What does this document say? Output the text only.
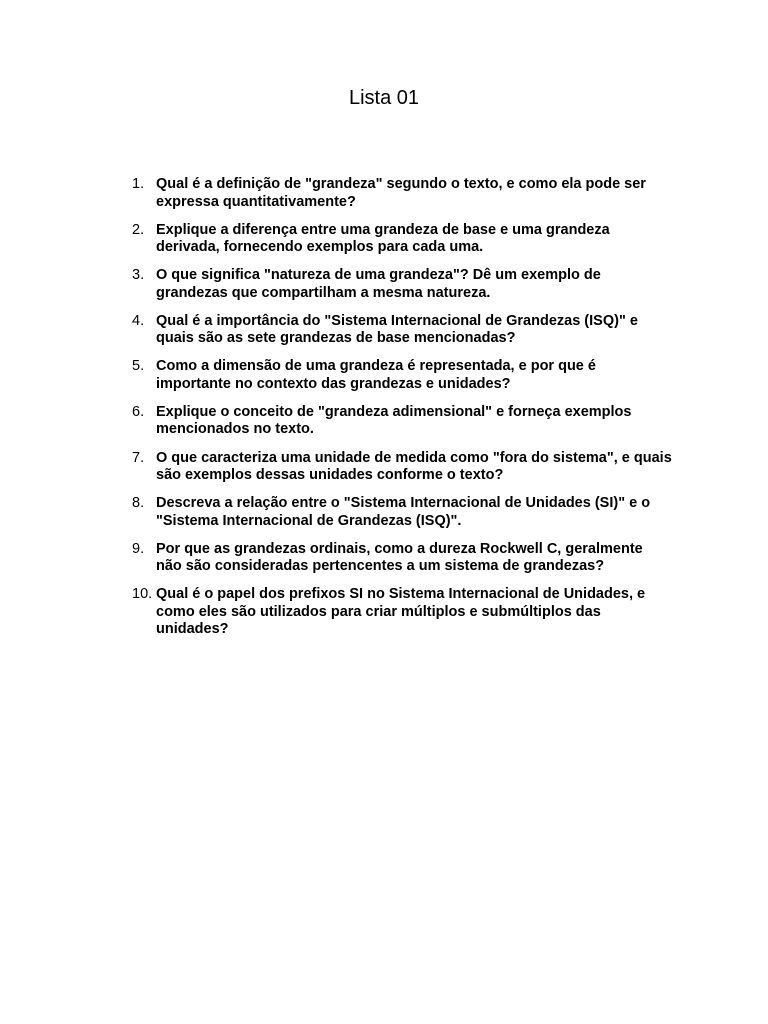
Lista 01
1. Qual é a definição de "grandeza" segundo o texto, e como ela pode ser expressa quantitativamente?
2. Explique a diferença entre uma grandeza de base e uma grandeza derivada, fornecendo exemplos para cada uma.
3. O que significa "natureza de uma grandeza"? Dê um exemplo de grandezas que compartilham a mesma natureza.
4. Qual é a importância do "Sistema Internacional de Grandezas (ISQ)" e quais são as sete grandezas de base mencionadas?
5. Como a dimensão de uma grandeza é representada, e por que é importante no contexto das grandezas e unidades?
6. Explique o conceito de "grandeza adimensional" e forneça exemplos mencionados no texto.
7. O que caracteriza uma unidade de medida como "fora do sistema", e quais são exemplos dessas unidades conforme o texto?
8. Descreva a relação entre o "Sistema Internacional de Unidades (SI)" e o "Sistema Internacional de Grandezas (ISQ)".
9. Por que as grandezas ordinais, como a dureza Rockwell C, geralmente não são consideradas pertencentes a um sistema de grandezas?
10. Qual é o papel dos prefixos SI no Sistema Internacional de Unidades, e como eles são utilizados para criar múltiplos e submúltiplos das unidades?
